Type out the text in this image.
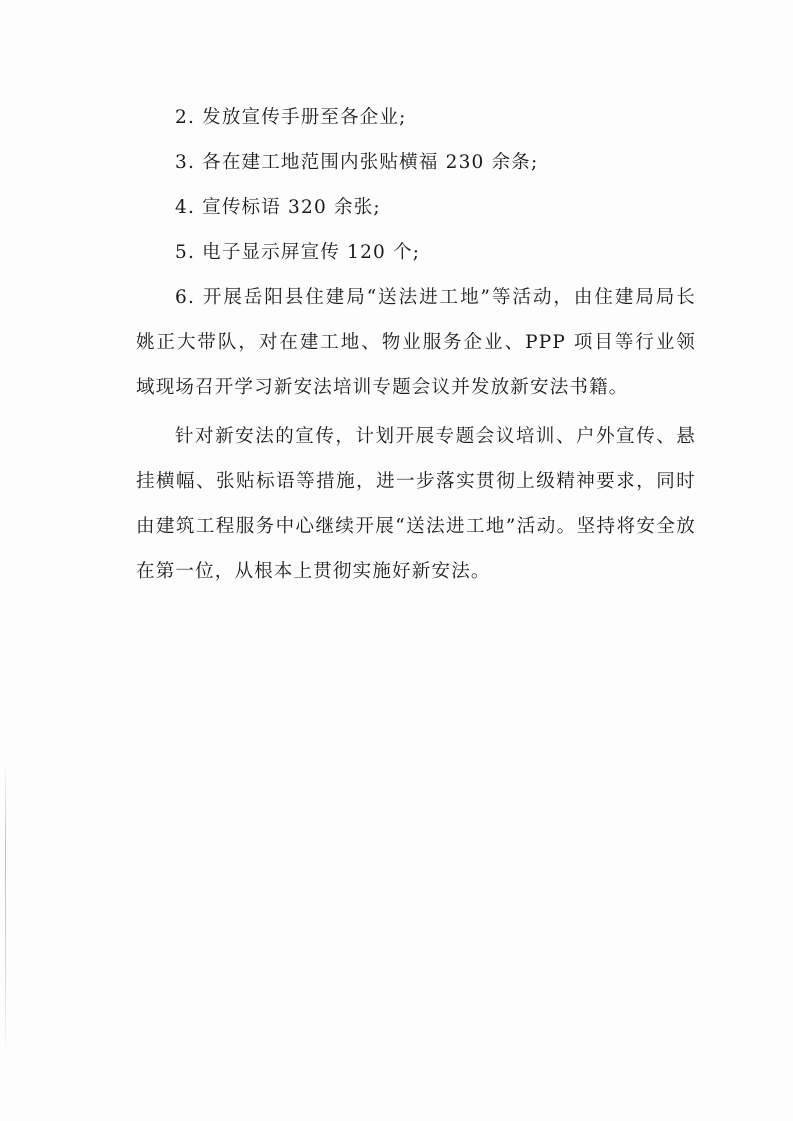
2. 发放宣传手册至各企业;

3. 各在建工地范围内张贴横福 230 余条;

4. 宣传标语 320 余张;

5. 电子显示屏宣传 120 个;

6. 开展岳阳县住建局“送法进工地”等活动，由住建局局长姚正大带队，对在建工地、物业服务企业、PPP 项目等行业领域现场召开学习新安法培训专题会议并发放新安法书籍。

针对新安法的宣传，计划开展专题会议培训、户外宣传、悬挂横幅、张贴标语等措施，进一步落实贯彻上级精神要求，同时由建筑工程服务中心继续开展“送法进工地”活动。坚持将安全放在第一位，从根本上贯彻实施好新安法。
